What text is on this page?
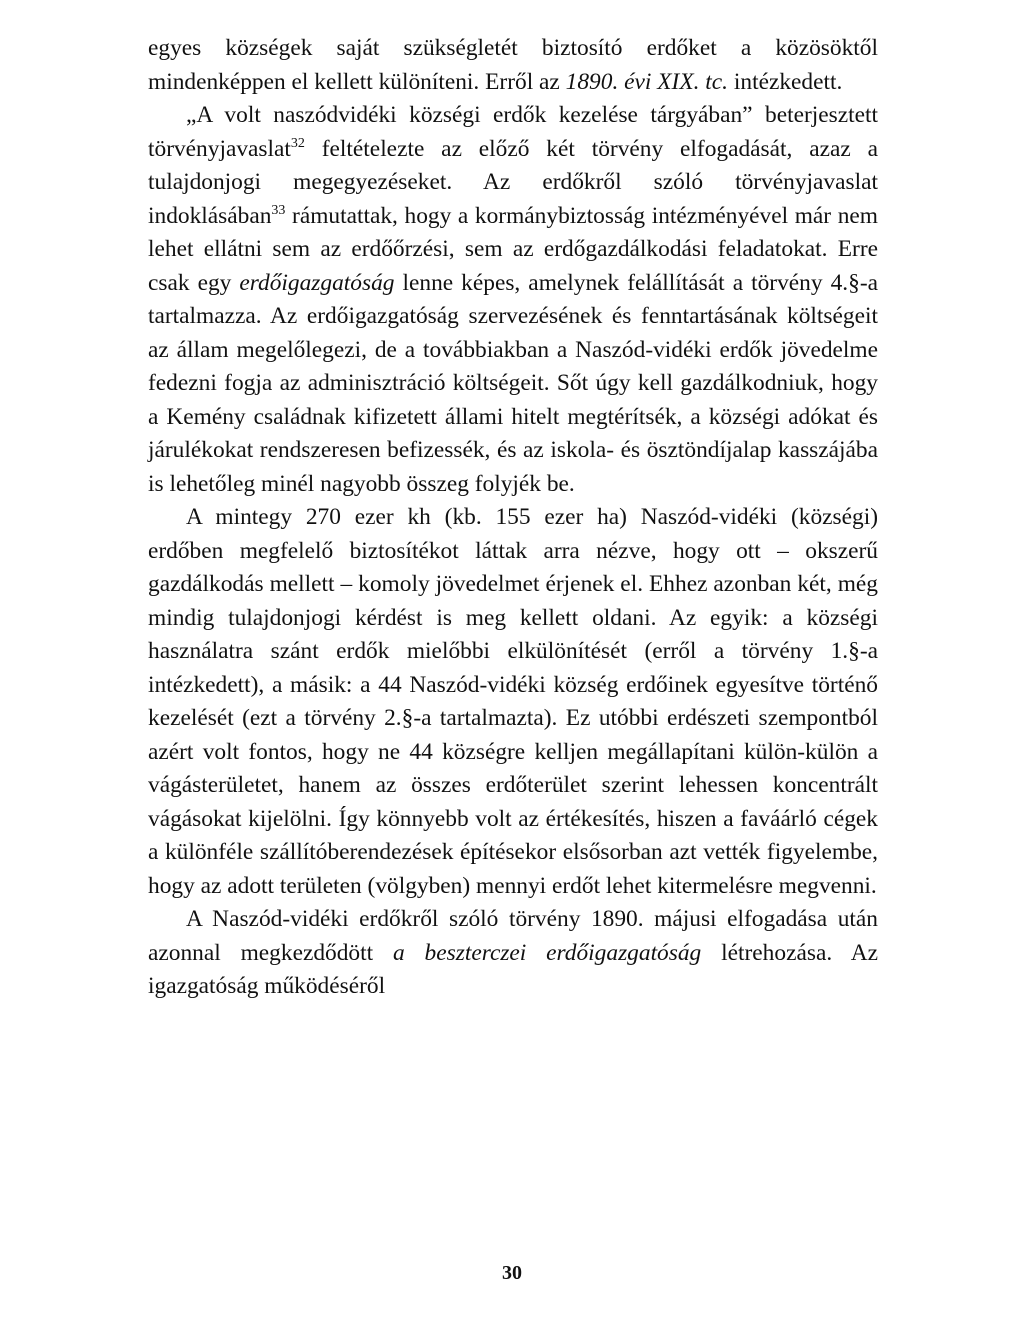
egyes községek saját szükségletét biztosító erdőket a közösöktől mindenképpen el kellett különíteni. Erről az 1890. évi XIX. tc. intézkedett.

„A volt naszódvidéki községi erdők kezelése tárgyában” beterjesztett törvényjavaslat$^{32}$ feltételezte az előző két törvény elfogadását, azaz a tulajdonjogi megegyezéseket. Az erdőkről szóló törvényjavaslat indoklásában$^{33}$ rámutattak, hogy a kormánybiztosság intézményével már nem lehet ellátni sem az erdőőrzési, sem az erdőgazdálkodási feladatokat. Erre csak egy erdőigazgatóság lenne képes, amelynek felállítását a törvény 4.§-a tartalmazza. Az erdőigazgatóság szervezésének és fenntartásának költségeit az állam megelőlegezi, de a továbbiakban a Naszód-vidéki erdők jövedelme fedezni fogja az adminisztráció költségeit. Sőt úgy kell gazdálkodniuk, hogy a Kemény családnak kifizetett állami hitelt megtérítsék, a községi adókat és járulékokat rendszeresen befizessék, és az iskola- és ösztöndíjalap kasszájába is lehetőleg minél nagyobb összeg folyjék be.

A mintegy 270 ezer kh (kb. 155 ezer ha) Naszód-vidéki (községi) erdőben megfelelő biztosítékot láttak arra nézve, hogy ott – okszerű gazdálkodás mellett – komoly jövedelmet érjenek el. Ehhez azonban két, még mindig tulajdonjogi kérdést is meg kellett oldani. Az egyik: a községi használatra szánt erdők mielőbbi elkülönítését (erről a törvény 1.§-a intézkedett), a másik: a 44 Naszód-vidéki község erdőinek egyesítve történő kezelését (ezt a törvény 2.§-a tartalmazta). Ez utóbbi erdészeti szempontból azért volt fontos, hogy ne 44 községre kelljen megállapítani külön-külön a vágásterületet, hanem az összes erdőterület szerint lehessen koncentrált vágásokat kijelölni. Így könnyebb volt az értékesítés, hiszen a faváárló cégek a különféle szállítóberendezések építésekor elsősorban azt vették figyelembe, hogy az adott területen (völgyben) mennyi erdőt lehet kitermelésre megvenni.

A Naszód-vidéki erdőkről szóló törvény 1890. májusi elfogadása után azonnal megkezdődött a beszterczei erdőigazgatóság létrehozása. Az igazgatóság működéséről

30
